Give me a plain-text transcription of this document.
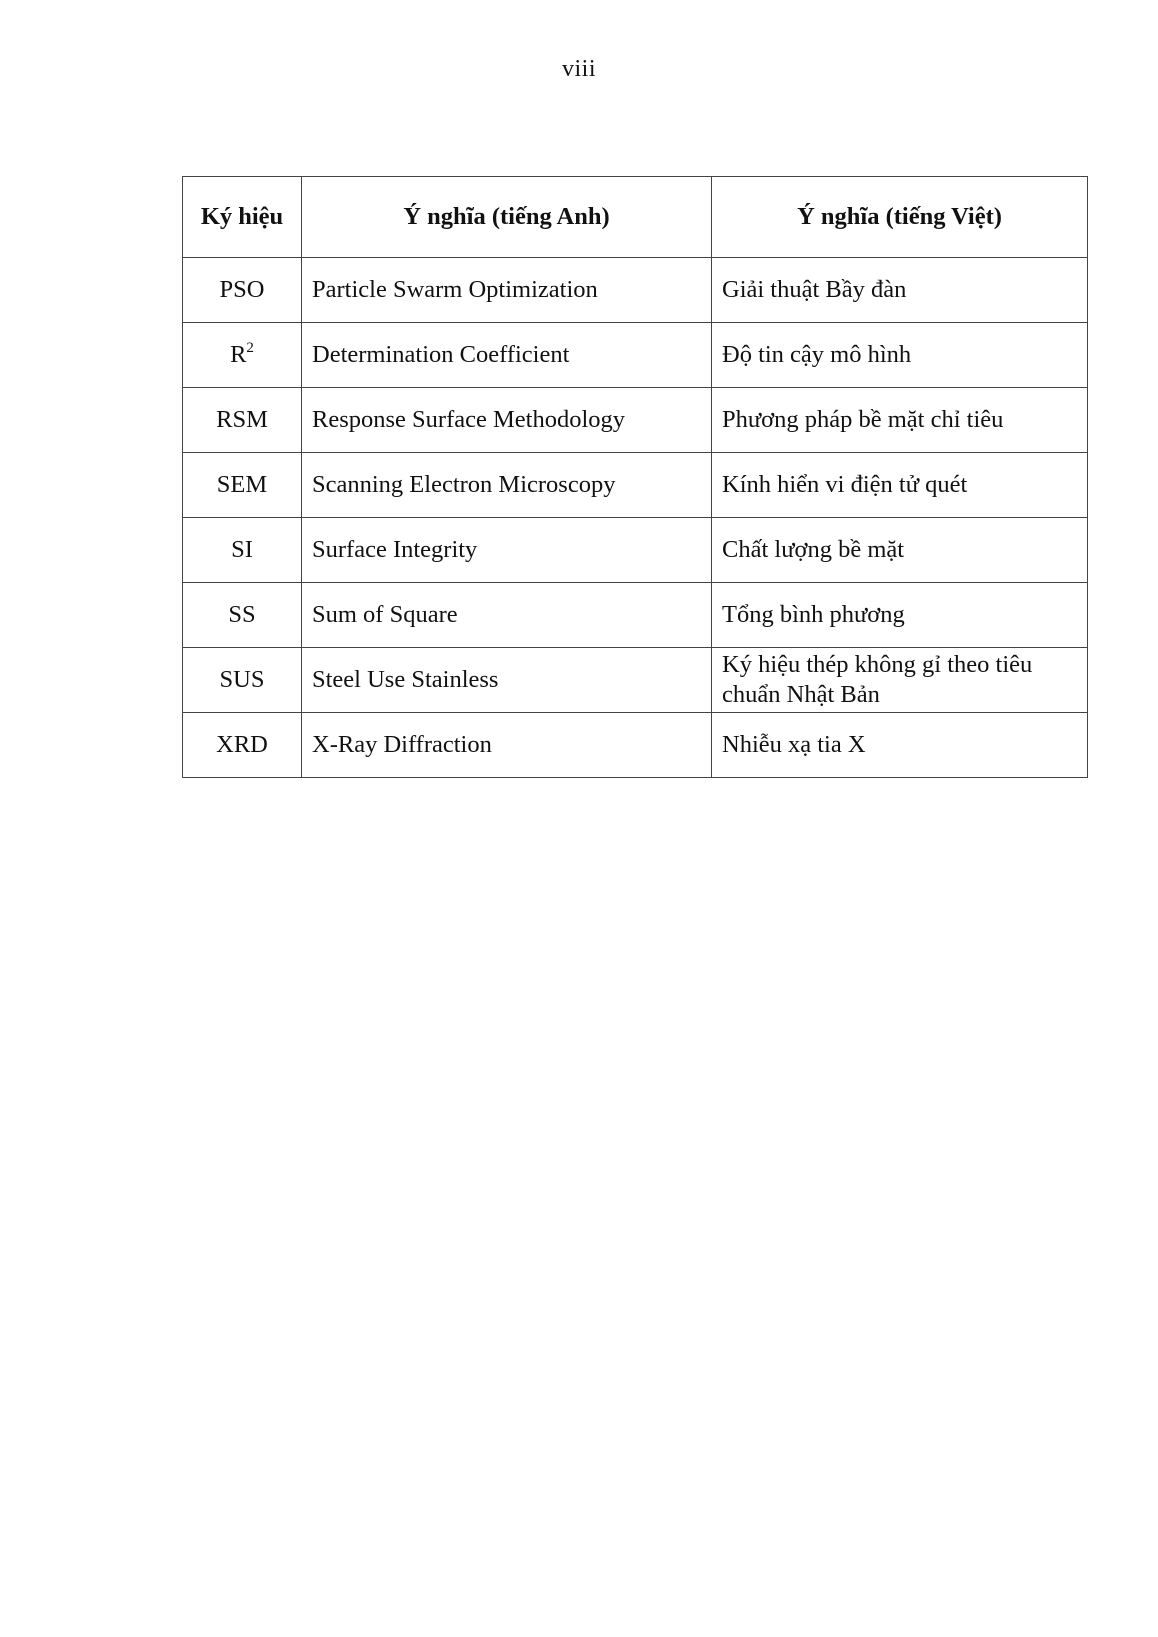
viii
Ký hiệu	Ý nghĩa (tiếng Anh)	Ý nghĩa (tiếng Việt)
PSO	Particle Swarm Optimization	Giải thuật Bầy đàn
$R^2$	Determination Coefficient	Độ tin cậy mô hình
RSM	Response Surface Methodology	Phương pháp bề mặt chỉ tiêu
SEM	Scanning Electron Microscopy	Kính hiển vi điện tử quét
SI	Surface Integrity	Chất lượng bề mặt
SS	Sum of Square	Tổng bình phương
SUS	Steel Use Stainless	Ký hiệu thép không gỉ theo tiêu chuẩn Nhật Bản
XRD	X-Ray Diffraction	Nhiễu xạ tia X
